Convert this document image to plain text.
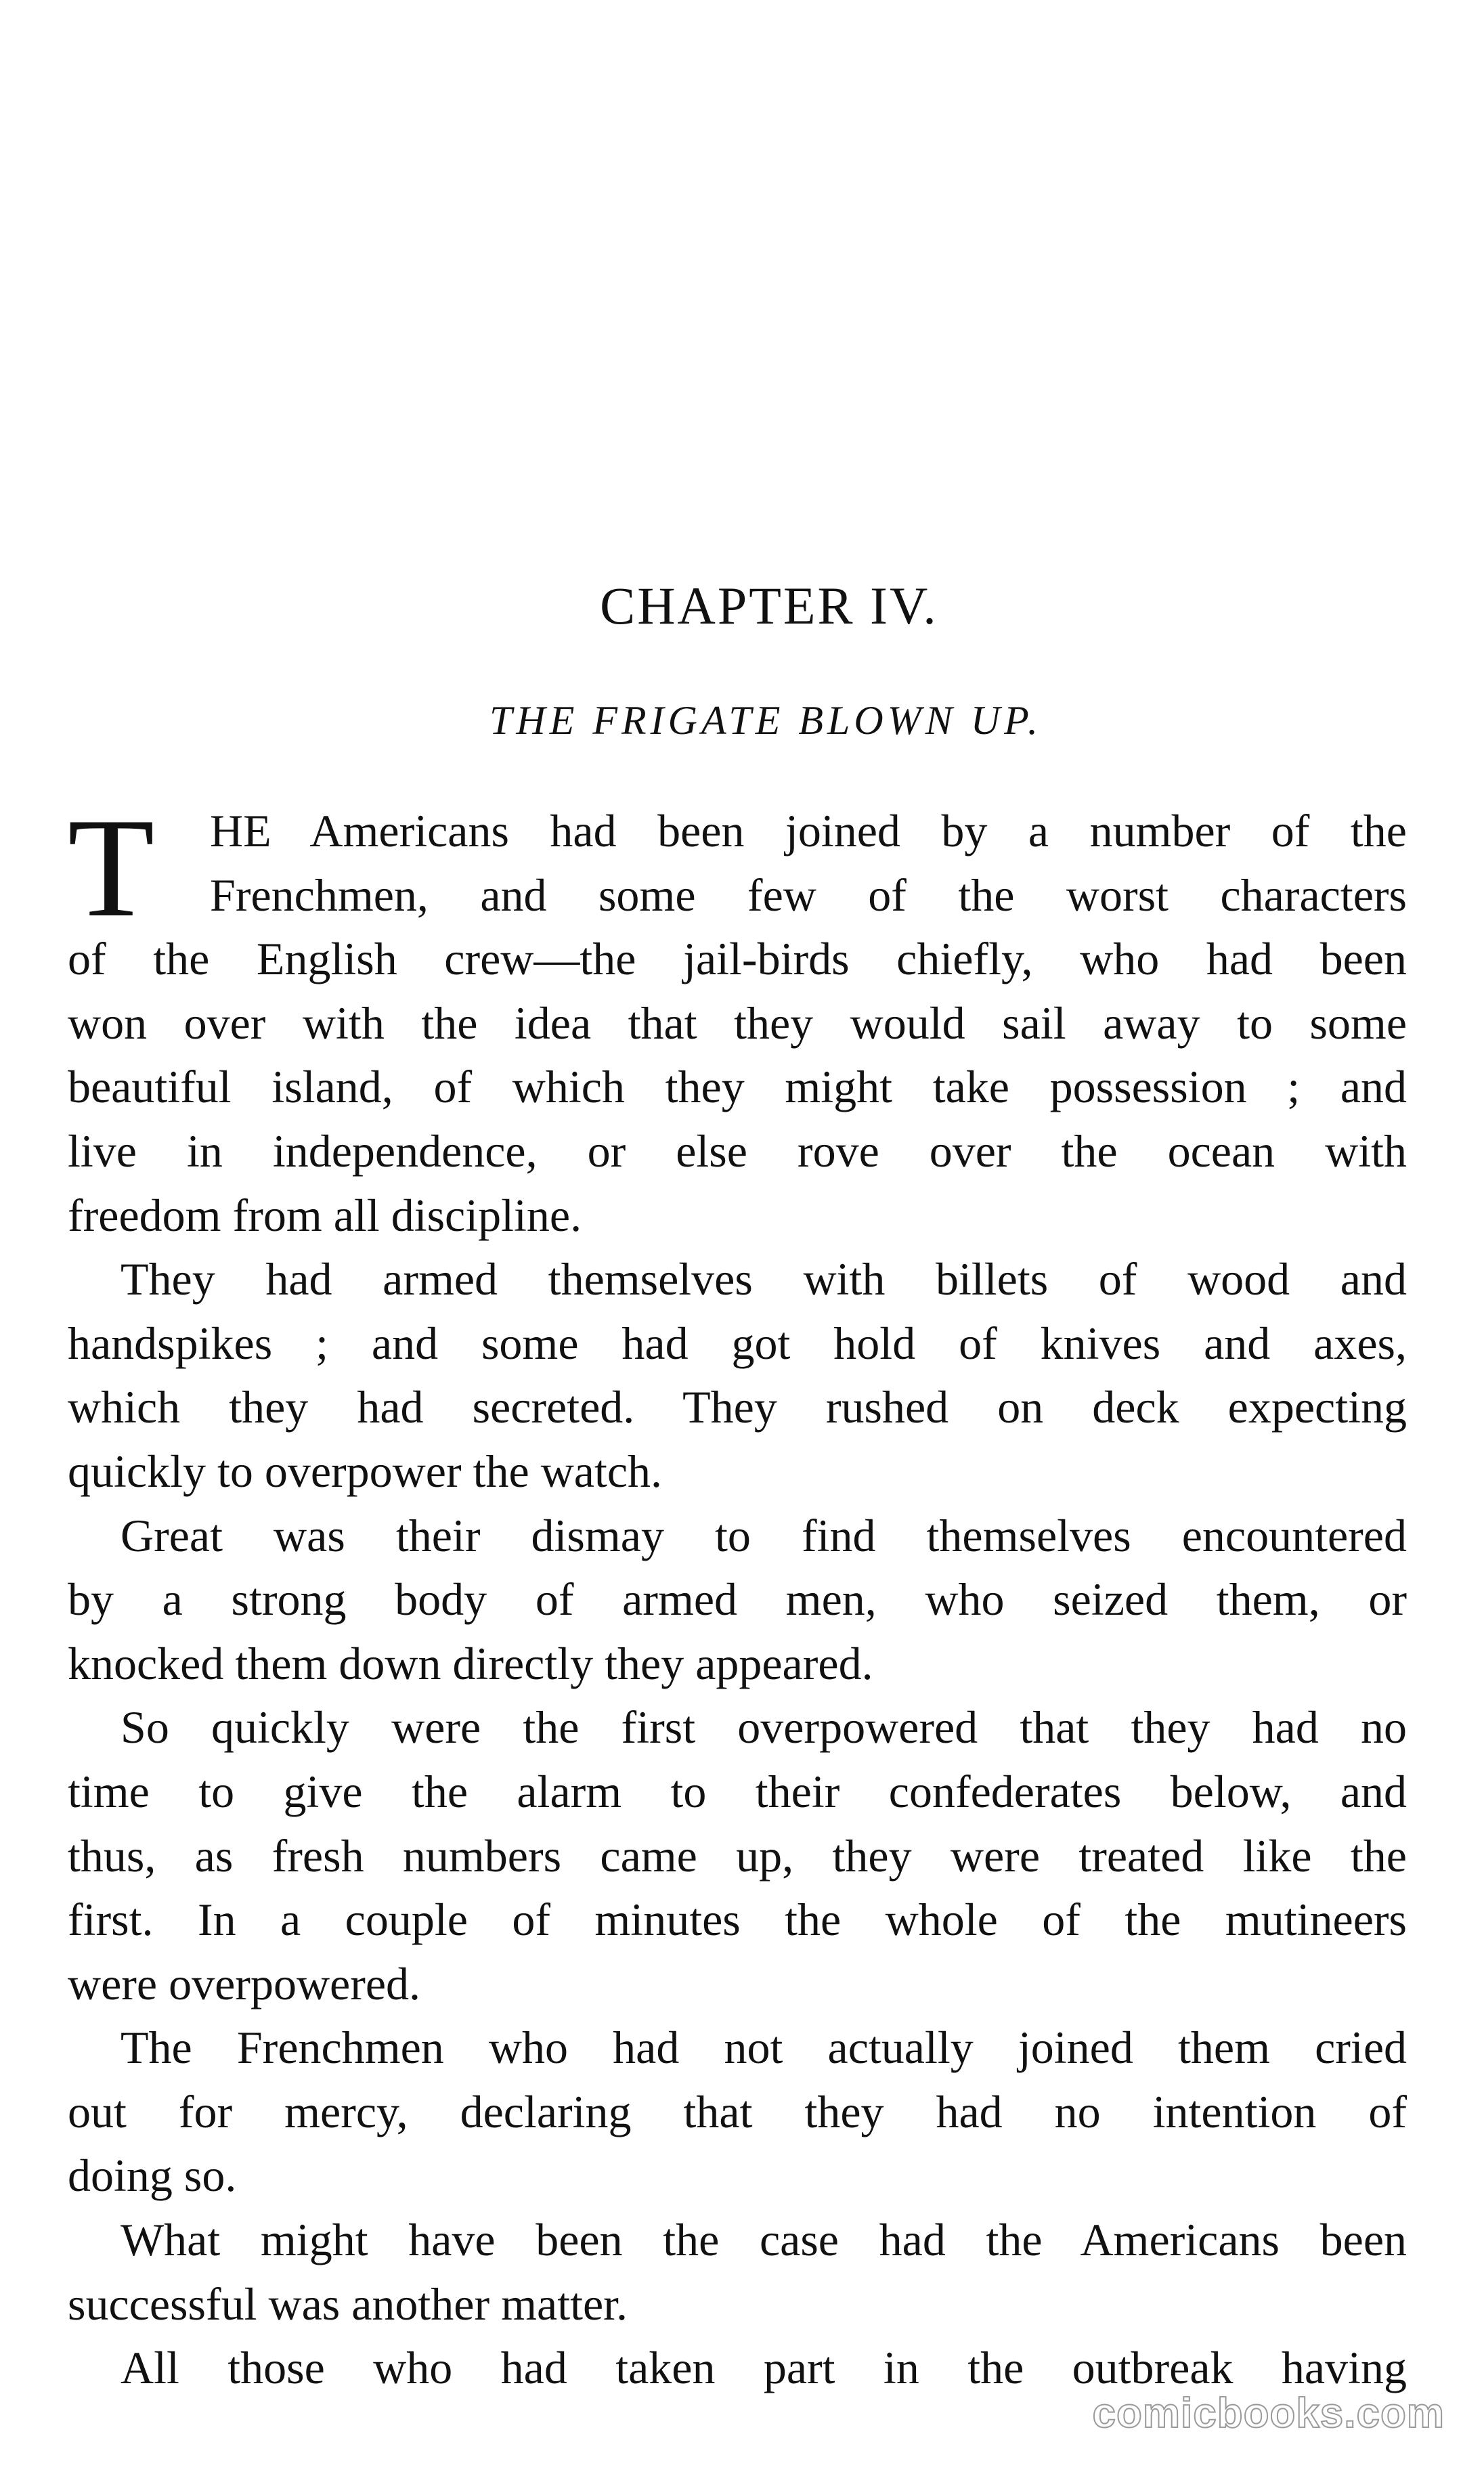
CHAPTER IV.
THE FRIGATE BLOWN UP.
T	HE Americans had been joined by a number of the
Frenchmen, and some few of the worst characters
of the English crew—the jail-birds chiefly, who had been
won over with the idea that they would sail away to some
beautiful island, of which they might take possession ; and
live in independence, or else rove over the ocean with
freedom from all discipline.
They had armed themselves with billets of wood and
handspikes ; and some had got hold of knives and axes,
which they had secreted. They rushed on deck expecting
quickly to overpower the watch.
Great was their dismay to find themselves encountered
by a strong body of armed men, who seized them, or
knocked them down directly they appeared.
So quickly were the first overpowered that they had no
time to give the alarm to their confederates below, and
thus, as fresh numbers came up, they were treated like the
first. In a couple of minutes the whole of the mutineers
were overpowered.
The Frenchmen who had not actually joined them cried
out for mercy, declaring that they had no intention of
doing so.
What might have been the case had the Americans been
successful was another matter.
All those who had taken part in the outbreak having
comicbooks.com
